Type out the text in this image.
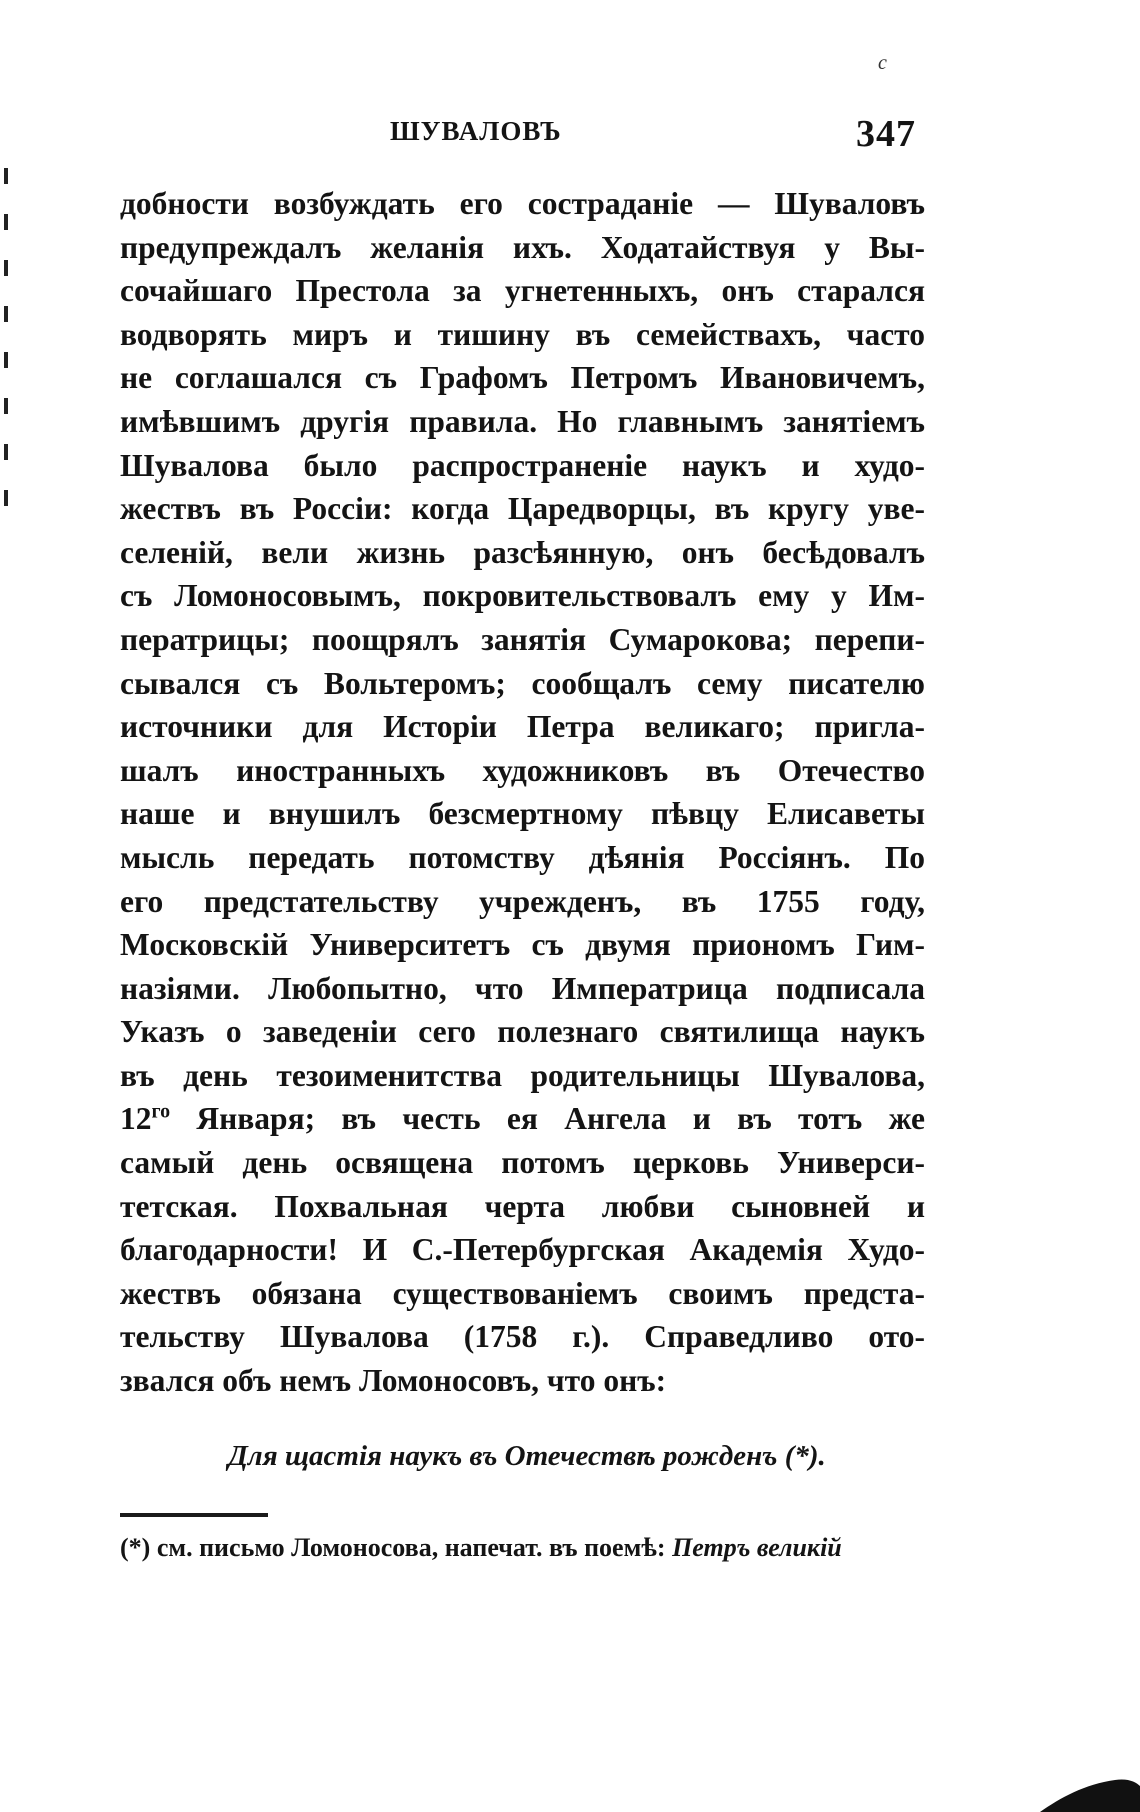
с
ШУВАЛОВЪ	347
добности возбуждать его состраданіе — Шуваловъ
предупреждалъ желанія ихъ. Ходатайствуя у Вы-
сочайшаго Престола за угнетенныхъ, онъ старался
водворять миръ и тишину въ семействахъ, часто
не соглашался съ Графомъ Петромъ Ивановичемъ,
имѣвшимъ другія правила. Но главнымъ занятіемъ
Шувалова было распространеніе наукъ и худо-
жествъ въ Россіи: когда Царедворцы, въ кругу уве-
селеній, вели жизнь разсѣянную, онъ бесѣдовалъ
съ Ломоносовымъ, покровительствовалъ ему у Им-
ператрицы; поощрялъ занятія Сумарокова; перепи-
сывался съ Вольтеромъ; сообщалъ сему писателю
источники для Исторіи Петра великаго; пригла-
шалъ иностранныхъ художниковъ въ Отечество
наше и внушилъ безсмертному пѣвцу Елисаветы
мысль передать потомству дѣянія Россіянъ. По
его предстательству учрежденъ, въ 1755 году,
Московскій Университетъ съ двумя приономъ Гим-
назіями. Любопытно, что Императрица подписала
Указъ о заведеніи сего полезнаго святилища наукъ
въ день тезоименитства родительницы Шувалова,
$12^{го}$ Января; въ честь ея Ангела и въ тотъ же
самый день освящена потомъ церковь Универси-
тетская. Похвальная черта любви сыновней и
благодарности! И С.-Петербургская Академія Худо-
жествъ обязана существованіемъ своимъ предста-
тельству Шувалова (1758 г.). Справедливо ото-
звался объ немъ Ломоносовъ, что онъ:
Для щастія наукъ въ Отечествѣ рожденъ (*).
(*) см. письмо Ломоносова, напечат. въ поемѣ: Петръ великій
